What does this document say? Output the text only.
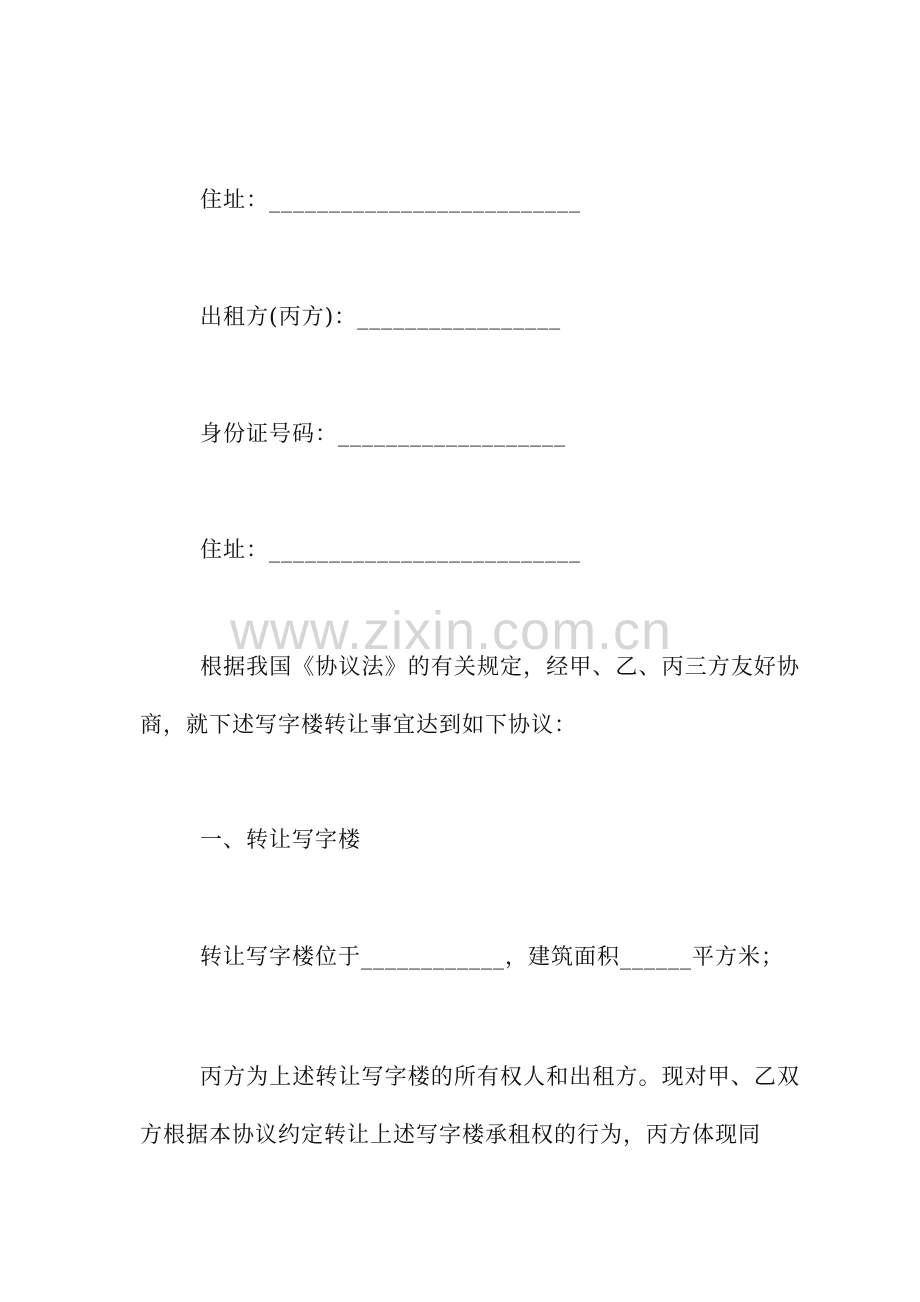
住址：__________________________

出租方(丙方)：_________________

身份证号码：___________________

住址：__________________________

www.zixin.com.cn

根据我国《协议法》的有关规定，经甲、乙、丙三方友好协商，就下述写字楼转让事宜达到如下协议：

一、转让写字楼

转让写字楼位于____________，建筑面积______平方米；

丙方为上述转让写字楼的所有权人和出租方。现对甲、乙双方根据本协议约定转让上述写字楼承租权的行为，丙方体现同
